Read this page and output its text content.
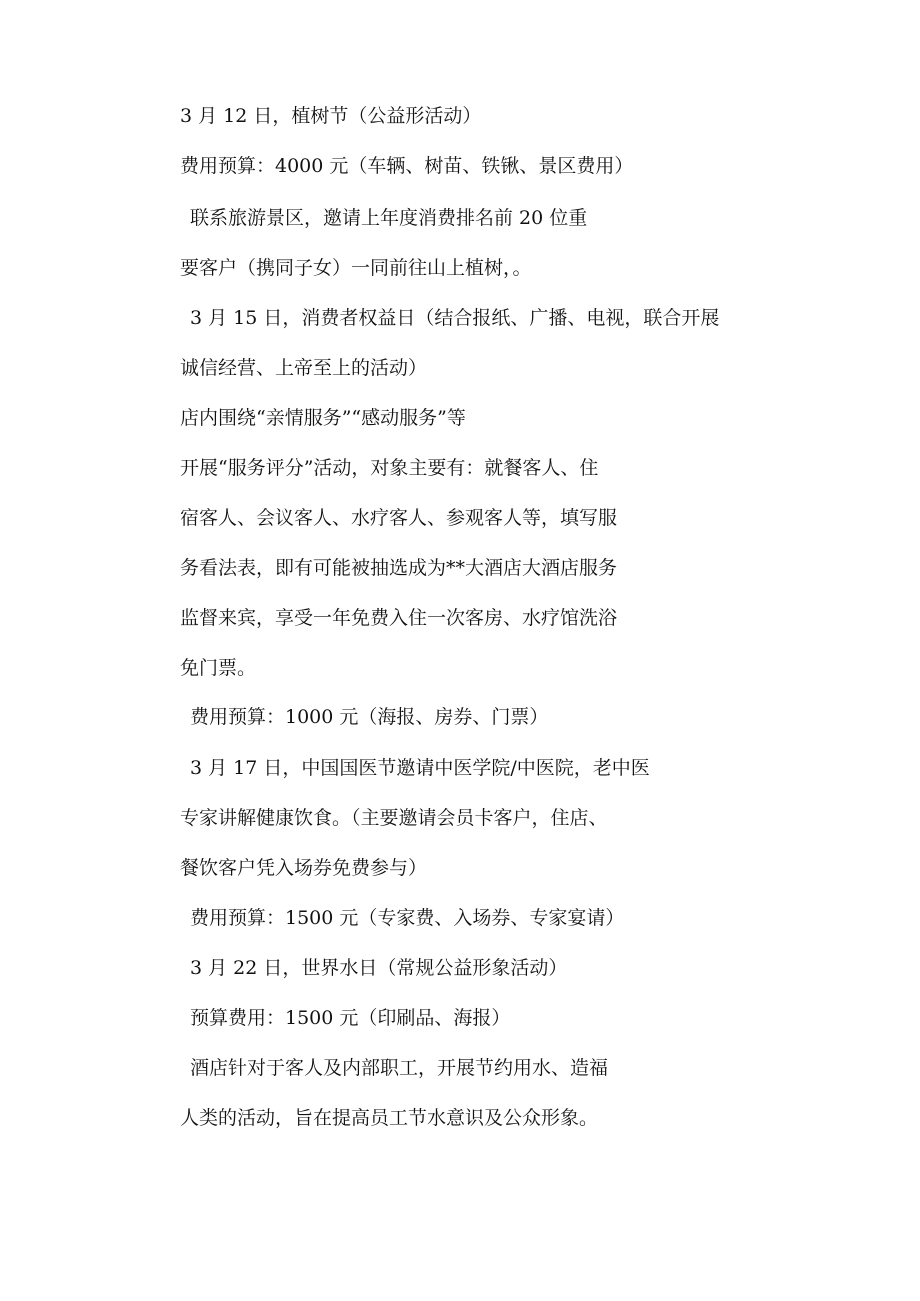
3 月 12 日，植树节（公益形活动）
费用预算：4000 元（车辆、树苗、铁锹、景区费用）
联系旅游景区，邀请上年度消费排名前 20 位重
要客户（携同子女）一同前往山上植树，。
3 月 15 日，消费者权益日（结合报纸、广播、电视，联合开展
诚信经营、上帝至上的活动）
店内围绕“亲情服务”“感动服务”等
开展“服务评分”活动，对象主要有：就餐客人、住
宿客人、会议客人、水疗客人、参观客人等，填写服
务看法表，即有可能被抽选成为**大酒店大酒店服务
监督来宾，享受一年免费入住一次客房、水疗馆洗浴
免门票。
费用预算：1000 元（海报、房券、门票）
3 月 17 日，中国国医节邀请中医学院/中医院，老中医
专家讲解健康饮食。（主要邀请会员卡客户，住店、
餐饮客户凭入场券免费参与）
费用预算：1500 元（专家费、入场券、专家宴请）
3 月 22 日，世界水日（常规公益形象活动）
预算费用：1500 元（印刷品、海报）
酒店针对于客人及内部职工，开展节约用水、造福
人类的活动，旨在提高员工节水意识及公众形象。
